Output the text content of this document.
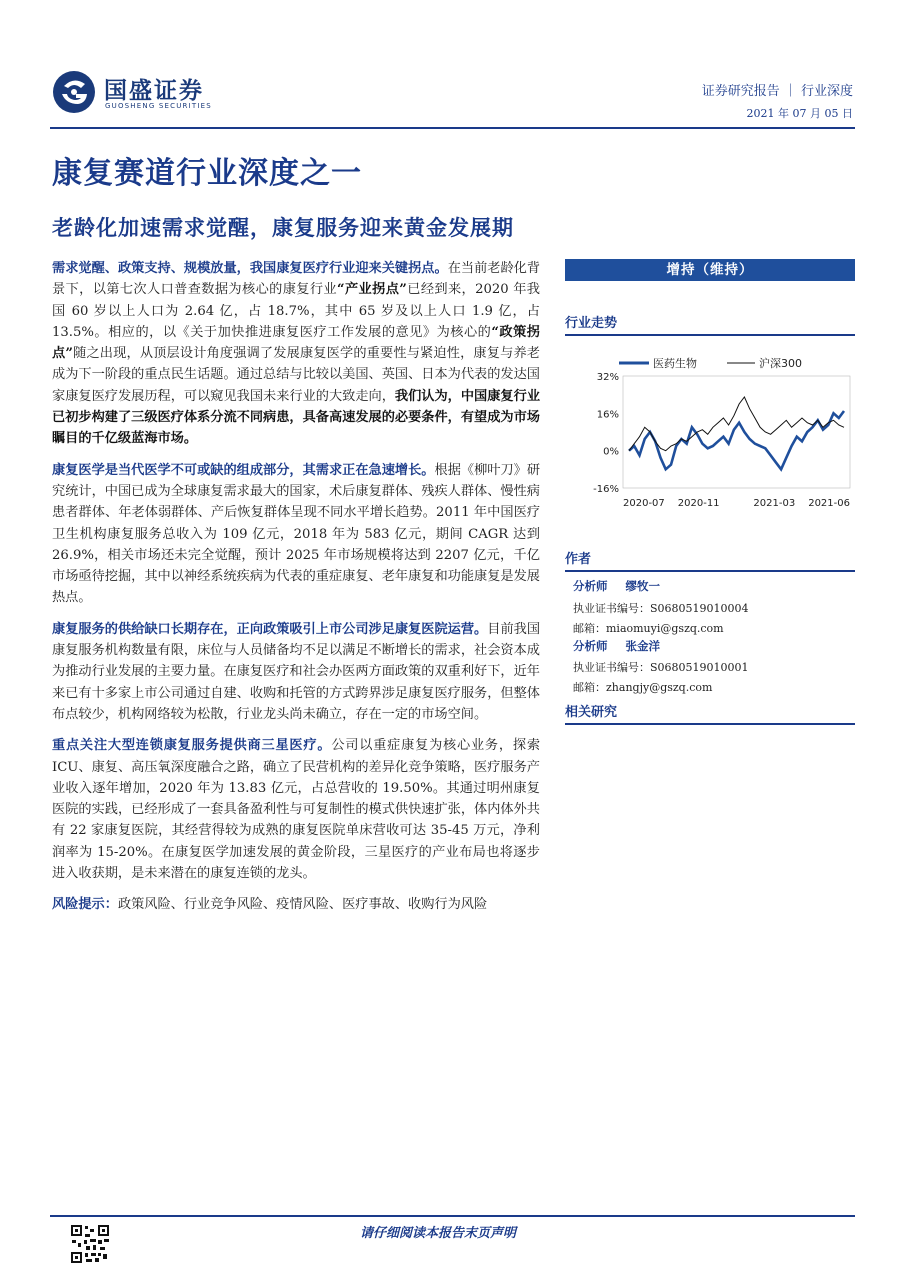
国盛证券
GUOSHENG SECURITIES
证券研究报告 ｜ 行业深度
2021 年 07 月 05 日
康复赛道行业深度之一
老龄化加速需求觉醒，康复服务迎来黄金发展期

需求觉醒、政策支持、规模放量，我国康复医疗行业迎来关键拐点。在当前老龄化背景下，以第七次人口普查数据为核心的康复行业“产业拐点”已经到来，2020 年我国 60 岁以上人口为 2.64 亿，占 18.7%，其中 65 岁及以上人口 1.9 亿，占 13.5%。相应的，以《关于加快推进康复医疗工作发展的意见》为核心的“政策拐点”随之出现，从顶层设计角度强调了发展康复医学的重要性与紧迫性，康复与养老成为下一阶段的重点民生话题。通过总结与比较以美国、英国、日本为代表的发达国家康复医疗发展历程，可以窥见我国未来行业的大致走向，我们认为，中国康复行业已初步构建了三级医疗体系分流不同病患，具备高速发展的必要条件，有望成为市场瞩目的千亿级蓝海市场。

康复医学是当代医学不可或缺的组成部分，其需求正在急速增长。根据《柳叶刀》研究统计，中国已成为全球康复需求最大的国家，术后康复群体、残疾人群体、慢性病患者群体、年老体弱群体、产后恢复群体呈现不同水平增长趋势。2011 年中国医疗卫生机构康复服务总收入为 109 亿元，2018 年为 583 亿元，期间 CAGR 达到 26.9%，相关市场还未完全觉醒，预计 2025 年市场规模将达到 2207 亿元，千亿市场亟待挖掘，其中以神经系统疾病为代表的重症康复、老年康复和功能康复是发展热点。

康复服务的供给缺口长期存在，正向政策吸引上市公司涉足康复医院运营。目前我国康复服务机构数量有限，床位与人员储备均不足以满足不断增长的需求，社会资本成为推动行业发展的主要力量。在康复医疗和社会办医两方面政策的双重利好下，近年来已有十多家上市公司通过自建、收购和托管的方式跨界涉足康复医疗服务，但整体布点较少，机构网络较为松散，行业龙头尚未确立，存在一定的市场空间。

重点关注大型连锁康复服务提供商三星医疗。公司以重症康复为核心业务，探索 ICU、康复、高压氧深度融合之路，确立了民营机构的差异化竞争策略，医疗服务产业收入逐年增加，2020 年为 13.83 亿元，占总营收的 19.50%。其通过明州康复医院的实践，已经形成了一套具备盈利性与可复制性的模式供快速扩张，体内体外共有 22 家康复医院，其经营得较为成熟的康复医院单床营收可达 35-45 万元，净利润率为 15-20%。在康复医学加速发展的黄金阶段，三星医疗的产业布局也将逐步进入收获期，是未来潜在的康复连锁的龙头。

风险提示：政策风险、行业竞争风险、疫情风险、医疗事故、收购行为风险

增持（维持）
行业走势
医药生物	沪深300
32%
16%
0%
-16%
2020-07 2020-11	2021-03 2021-06
作者
分析师 缪牧一
执业证书编号：S0680519010004
邮箱：miaomuyi@gszq.com
分析师 张金洋
执业证书编号：S0680519010001
邮箱：zhangjy@gszq.com
相关研究
请仔细阅读本报告末页声明
